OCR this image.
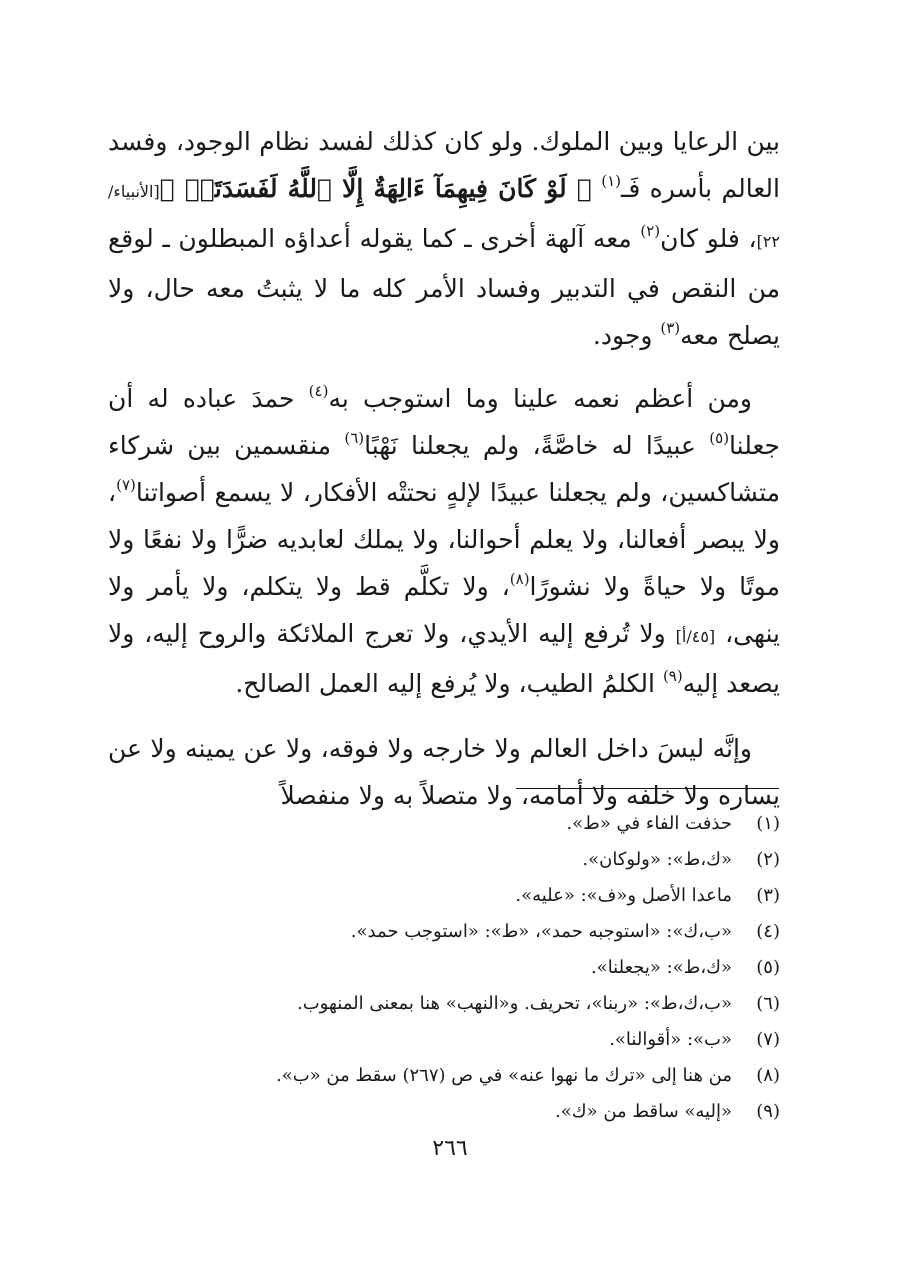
بين الرعايا وبين الملوك. ولو كان كذلك لفسد نظام الوجود، وفسد العالم بأسره فَـ$^{(١)}$ ﴿ لَوْ كَانَ فِيهِمَآ ءَالِهَةٌ إِلَّا ٱللَّهُ لَفَسَدَتَاۚ ﴾[الأنبياء/ ٢٢]، فلو كان$^{(٢)}$ معه آلهة أخرى ـ كما يقوله أعداؤه المبطلون ـ لوقع من النقص في التدبير وفساد الأمر كله ما لا يثبتُ معه حال، ولا يصلح معه$^{(٣)}$ وجود.

ومن أعظم نعمه علينا وما استوجب به$^{(٤)}$ حمدَ عباده له أن جعلنا$^{(٥)}$ عبيدًا له خاصَّةً، ولم يجعلنا نَهْبًا$^{(٦)}$ منقسمين بين شركاء متشاكسين، ولم يجعلنا عبيدًا لإلهٍ نحتتْه الأفكار، لا يسمع أصواتنا$^{(٧)}$، ولا يبصر أفعالنا، ولا يعلم أحوالنا، ولا يملك لعابديه ضرًّا ولا نفعًا ولا موتًا ولا حياةً ولا نشورًا$^{(٨)}$، ولا تكلَّم قط ولا يتكلم، ولا يأمر ولا ينهى، [٤٥/أ] ولا تُرفع إليه الأيدي، ولا تعرج الملائكة والروح إليه، ولا يصعد إليه$^{(٩)}$ الكلمُ الطيب، ولا يُرفع إليه العمل الصالح.

وإنَّه ليسَ داخل العالم ولا خارجه ولا فوقه، ولا عن يمينه ولا عن يساره ولا خلفه ولا أمامه، ولا متصلاً به ولا منفصلاً

(١)حذفت الفاء في «ط».
(٢)«ك،ط»: «ولوكان».
(٣)ماعدا الأصل و«ف»: «عليه».
(٤)«ب،ك»: «استوجبه حمد»، «ط»: «استوجب حمد».
(٥)«ك،ط»: «يجعلنا».
(٦)«ب،ك،ط»: «ربنا»، تحريف. و«النهب» هنا بمعنى المنهوب.
(٧)«ب»: «أقوالنا».
(٨)من هنا إلى «ترك ما نهوا عنه» في ص (٢٦٧) سقط من «ب».
(٩)«إليه» ساقط من «ك».
٢٦٦
